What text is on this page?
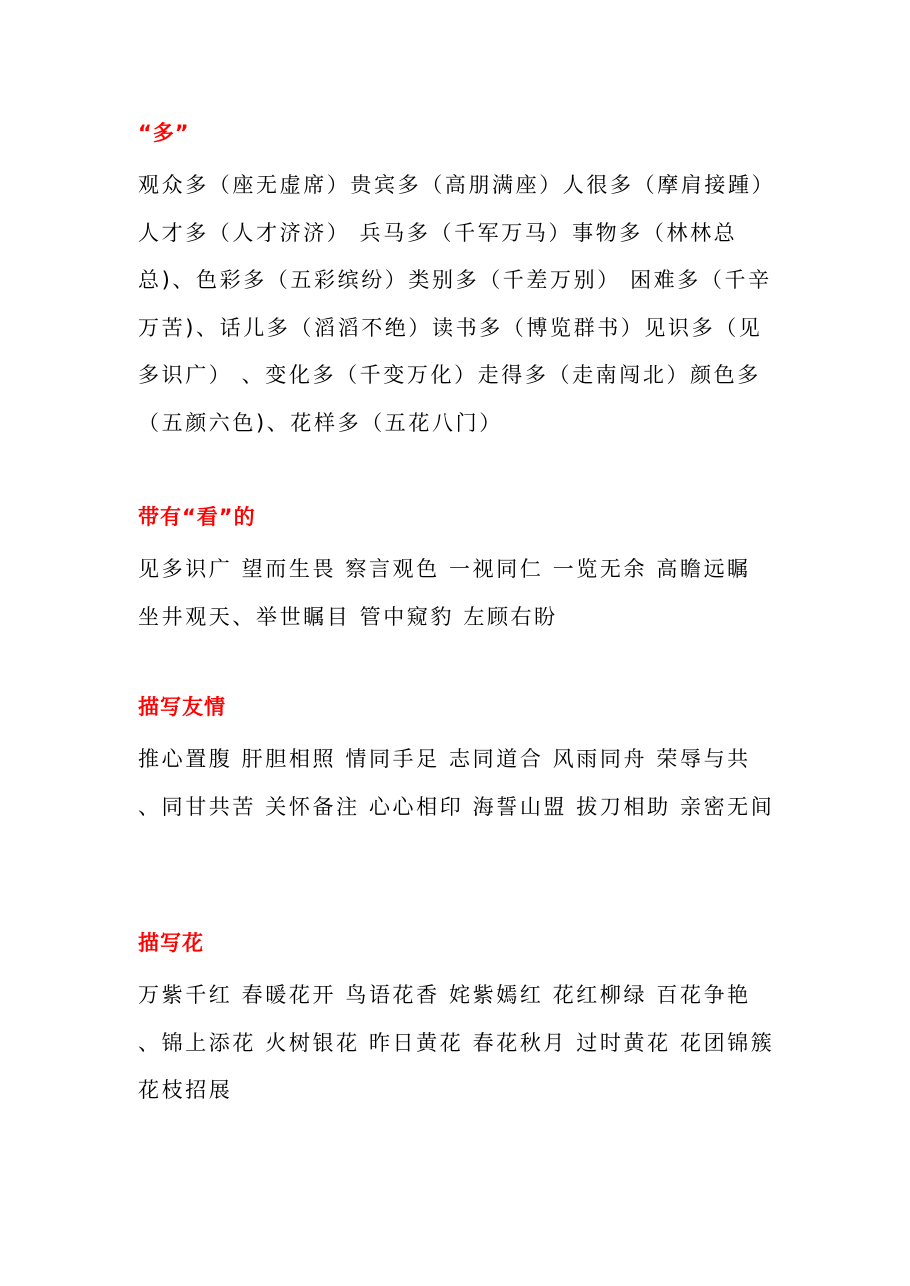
“多”

观众多（座无虚席）贵宾多（高朋满座）人很多（摩肩接踵）人才多（人才济济） 兵马多（千军万马）事物多（林林总总)、色彩多（五彩缤纷）类别多（千差万别） 困难多（千辛万苦)、话儿多（滔滔不绝）读书多（博览群书）见识多（见多识广） 、变化多（千变万化）走得多（走南闯北）颜色多（五颜六色)、花样多（五花八门）

带有“看”的

见多识广 望而生畏 察言观色 一视同仁 一览无余 高瞻远瞩 坐井观天、举世瞩目 管中窥豹 左顾右盼

描写友情

推心置腹 肝胆相照 情同手足 志同道合 风雨同舟 荣辱与共 、同甘共苦 关怀备注 心心相印 海誓山盟 拔刀相助 亲密无间

描写花

万紫千红 春暖花开 鸟语花香 姹紫嫣红 花红柳绿 百花争艳 、锦上添花 火树银花 昨日黄花 春花秋月 过时黄花 花团锦簇 花枝招展
